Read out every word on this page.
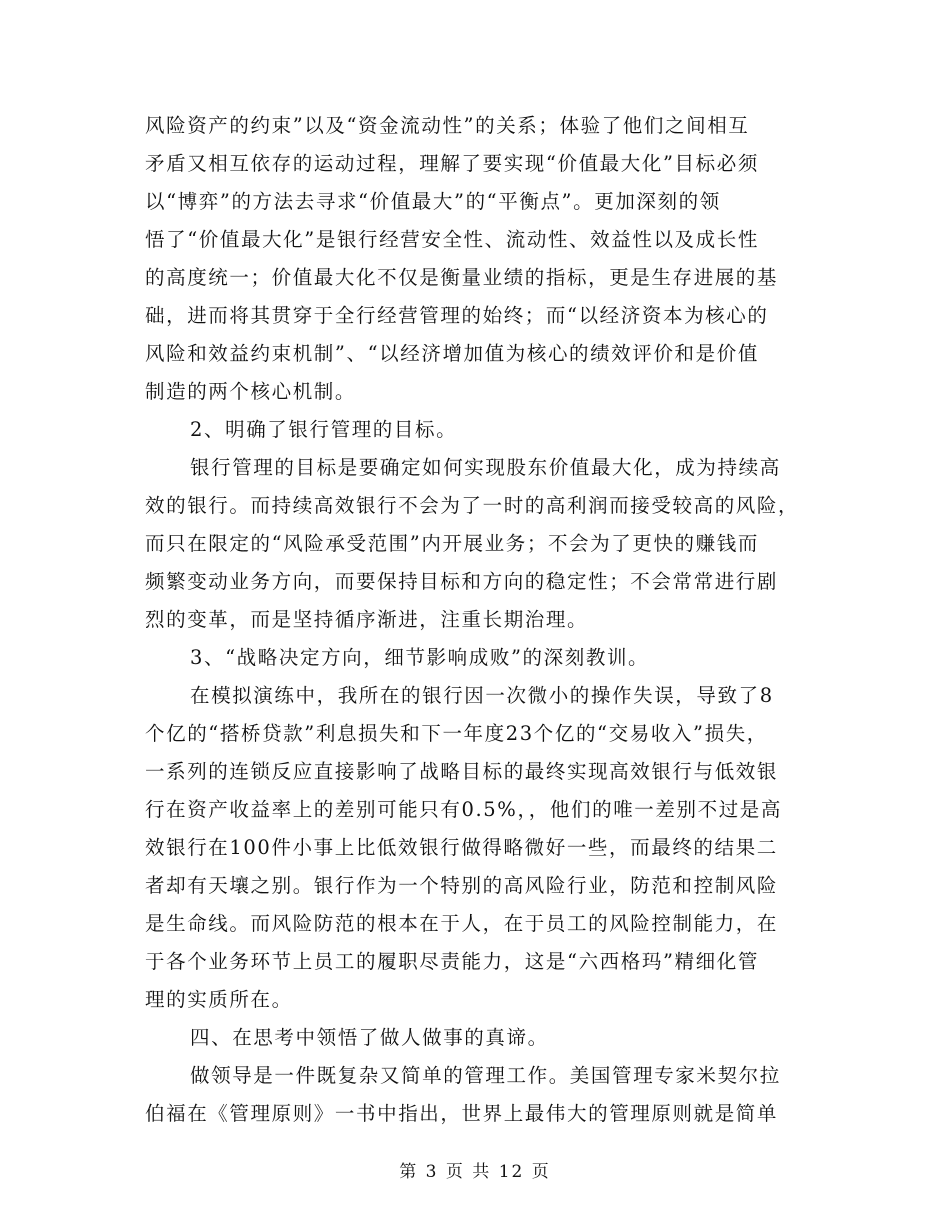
风险资产的约束”以及“资金流动性”的关系；体验了他们之间相互
矛盾又相互依存的运动过程，理解了要实现“价值最大化”目标必须
以“博弈”的方法去寻求“价值最大”的“平衡点”。更加深刻的领
悟了“价值最大化”是银行经营安全性、流动性、效益性以及成长性
的高度统一；价值最大化不仅是衡量业绩的指标，更是生存进展的基
础，进而将其贯穿于全行经营管理的始终；而“以经济资本为核心的
风险和效益约束机制”、“以经济增加值为核心的绩效评价和是价值
制造的两个核心机制。
2、明确了银行管理的目标。
银行管理的目标是要确定如何实现股东价值最大化，成为持续高
效的银行。而持续高效银行不会为了一时的高利润而接受较高的风险，
而只在限定的“风险承受范围”内开展业务；不会为了更快的赚钱而
频繁变动业务方向，而要保持目标和方向的稳定性；不会常常进行剧
烈的变革，而是坚持循序渐进，注重长期治理。
3、“战略决定方向，细节影响成败”的深刻教训。
在模拟演练中，我所在的银行因一次微小的操作失误，导致了8
个亿的“搭桥贷款”利息损失和下一年度23个亿的“交易收入”损失，
一系列的连锁反应直接影响了战略目标的最终实现高效银行与低效银
行在资产收益率上的差别可能只有0.5%，，他们的唯一差别不过是高
效银行在100件小事上比低效银行做得略微好一些，而最终的结果二
者却有天壤之别。银行作为一个特别的高风险行业，防范和控制风险
是生命线。而风险防范的根本在于人，在于员工的风险控制能力，在
于各个业务环节上员工的履职尽责能力，这是“六西格玛”精细化管
理的实质所在。
四、在思考中领悟了做人做事的真谛。
做领导是一件既复杂又简单的管理工作。美国管理专家米契尔拉
伯福在《管理原则》一书中指出，世界上最伟大的管理原则就是简单
第 3 页 共 12 页
